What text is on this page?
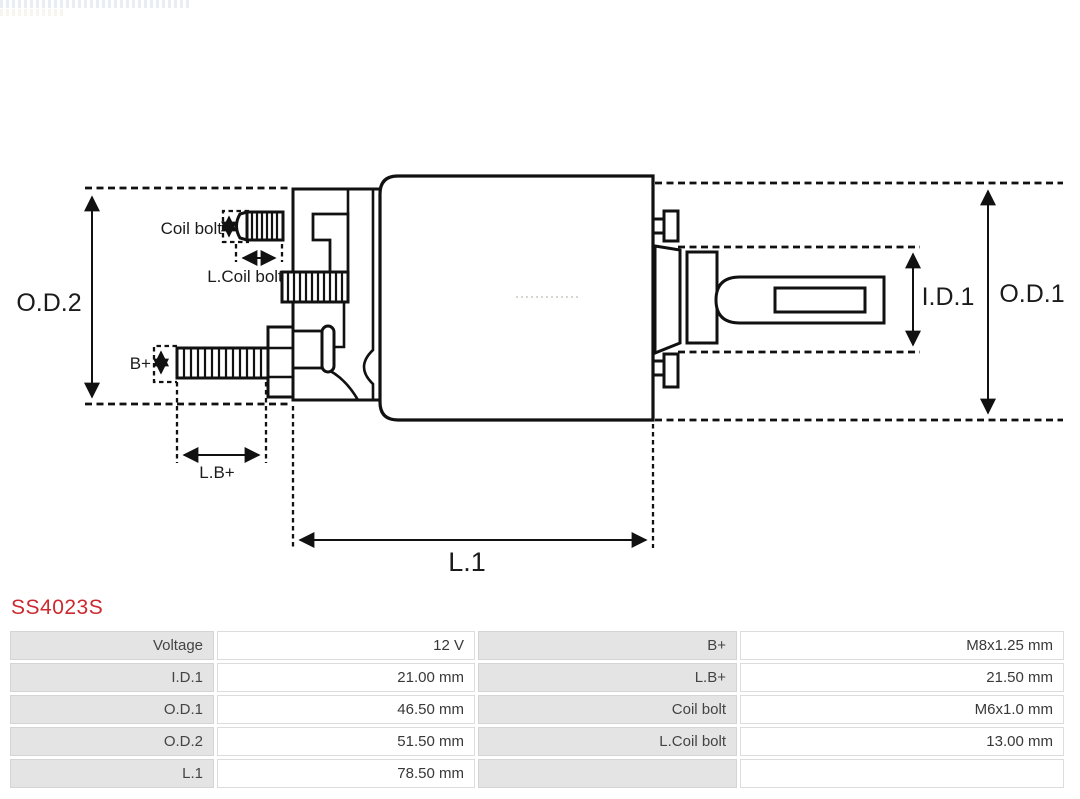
O.D.2	O.D.1
I.D.1
L.1
Coil bolt
L.Coil bolt
B+
L.B+
SS4023S
Voltage	12 V	B+	M8x1.25 mm
I.D.1	21.00 mm	L.B+	21.50 mm
O.D.1	46.50 mm	Coil bolt	M6x1.0 mm
O.D.2	51.50 mm	L.Coil bolt	13.00 mm
L.1	78.50 mm		
